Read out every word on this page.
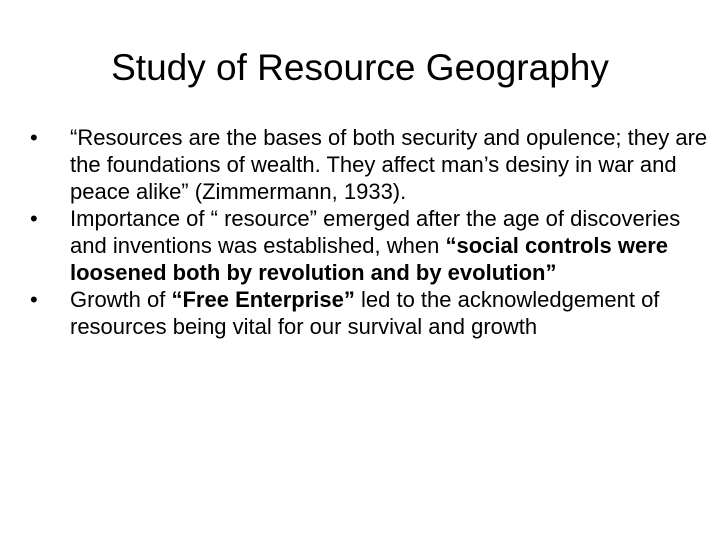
Study of Resource Geography
•	“Resources are the bases of both security and opulence; they are the foundations of wealth. They affect man’s desiny in war and peace alike” (Zimmermann, 1933).
•	Importance of “ resource” emerged after the age of discoveries and inventions was established, when “social controls were loosened both by revolution and by evolution”
•	Growth of “Free Enterprise” led to the acknowledgement of resources being vital for our survival and growth
